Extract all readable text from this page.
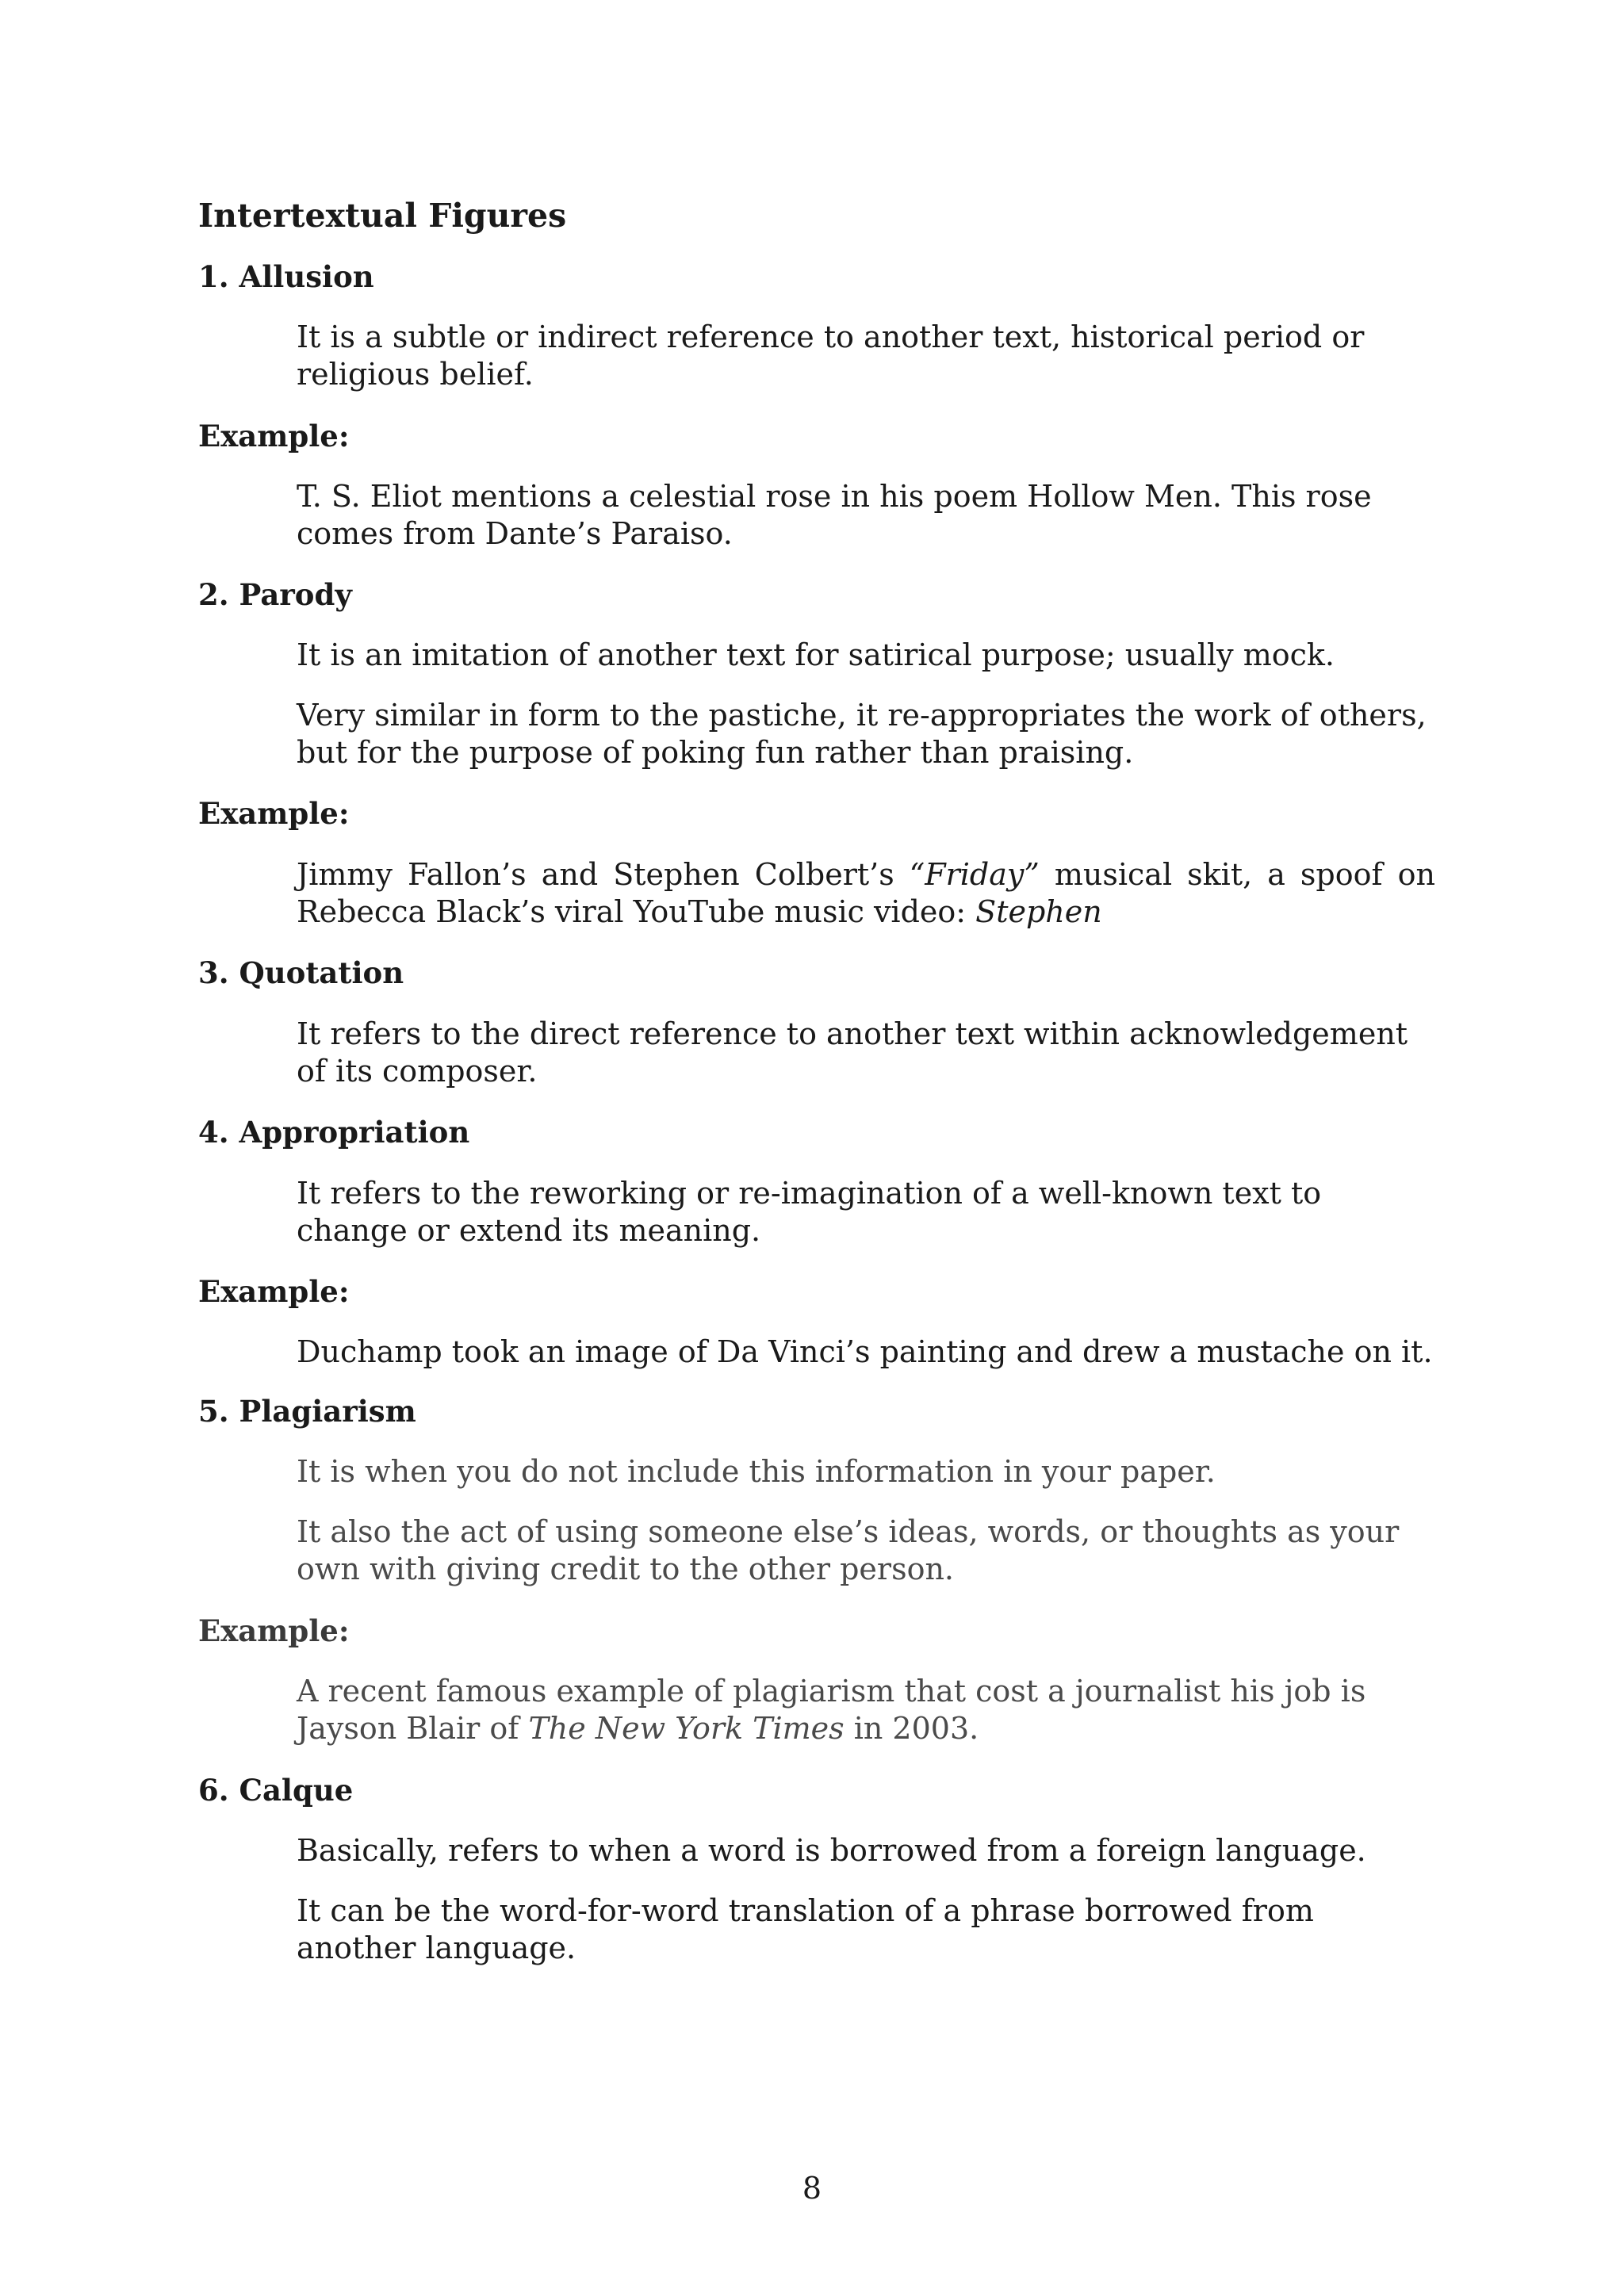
Intertextual Figures
1. Allusion

It is a subtle or indirect reference to another text, historical period or religious belief.

Example:

T. S. Eliot mentions a celestial rose in his poem Hollow Men. This rose comes from Dante’s Paraiso.

2. Parody

It is an imitation of another text for satirical purpose; usually mock.

Very similar in form to the pastiche, it re-appropriates the work of others, but for the purpose of poking fun rather than praising.

Example:
Jimmy Fallon’s and Stephen Colbert’s “Friday” musical skit, a spoof on
Rebecca Black’s viral YouTube music video: Stephen
3. Quotation

It refers to the direct reference to another text within acknowledgement of its composer.

4. Appropriation

It refers to the reworking or re-imagination of a well-known text to change or extend its meaning.

Example:

Duchamp took an image of Da Vinci’s painting and drew a mustache on it.

5. Plagiarism

It is when you do not include this information in your paper.

It also the act of using someone else’s ideas, words, or thoughts as your own with giving credit to the other person.

Example:

A recent famous example of plagiarism that cost a journalist his job is Jayson Blair of The New York Times in 2003.

6. Calque

Basically, refers to when a word is borrowed from a foreign language.

It can be the word-for-word translation of a phrase borrowed from another language.

8
